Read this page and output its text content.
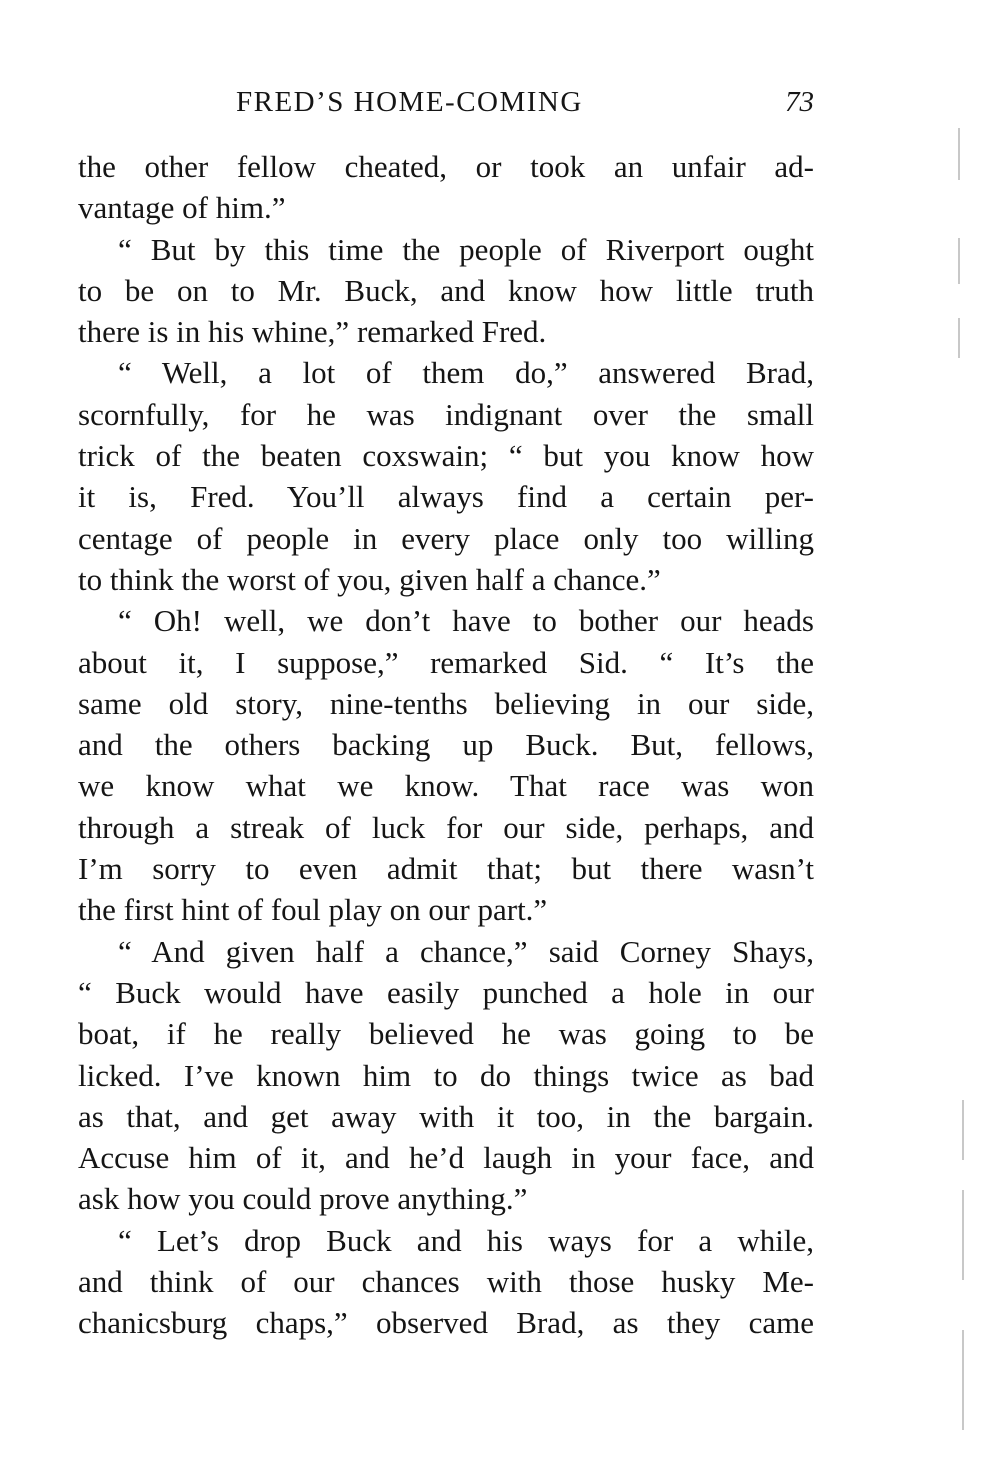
FRED’S HOME-COMING	73
the other fellow cheated, or took an unfair ad-
vantage of him.”
“ But by this time the people of Riverport ought
to be on to Mr. Buck, and know how little truth
there is in his whine,” remarked Fred.
“ Well, a lot of them do,” answered Brad,
scornfully, for he was indignant over the small
trick of the beaten coxswain; “ but you know how
it is, Fred. You’ll always find a certain per-
centage of people in every place only too willing
to think the worst of you, given half a chance.”
“ Oh! well, we don’t have to bother our heads
about it, I suppose,” remarked Sid. “ It’s the
same old story, nine-tenths believing in our side,
and the others backing up Buck. But, fellows,
we know what we know. That race was won
through a streak of luck for our side, perhaps, and
I’m sorry to even admit that; but there wasn’t
the first hint of foul play on our part.”
“ And given half a chance,” said Corney Shays,
“ Buck would have easily punched a hole in our
boat, if he really believed he was going to be
licked. I’ve known him to do things twice as bad
as that, and get away with it too, in the bargain.
Accuse him of it, and he’d laugh in your face, and
ask how you could prove anything.”
“ Let’s drop Buck and his ways for a while,
and think of our chances with those husky Me-
chanicsburg chaps,” observed Brad, as they came
